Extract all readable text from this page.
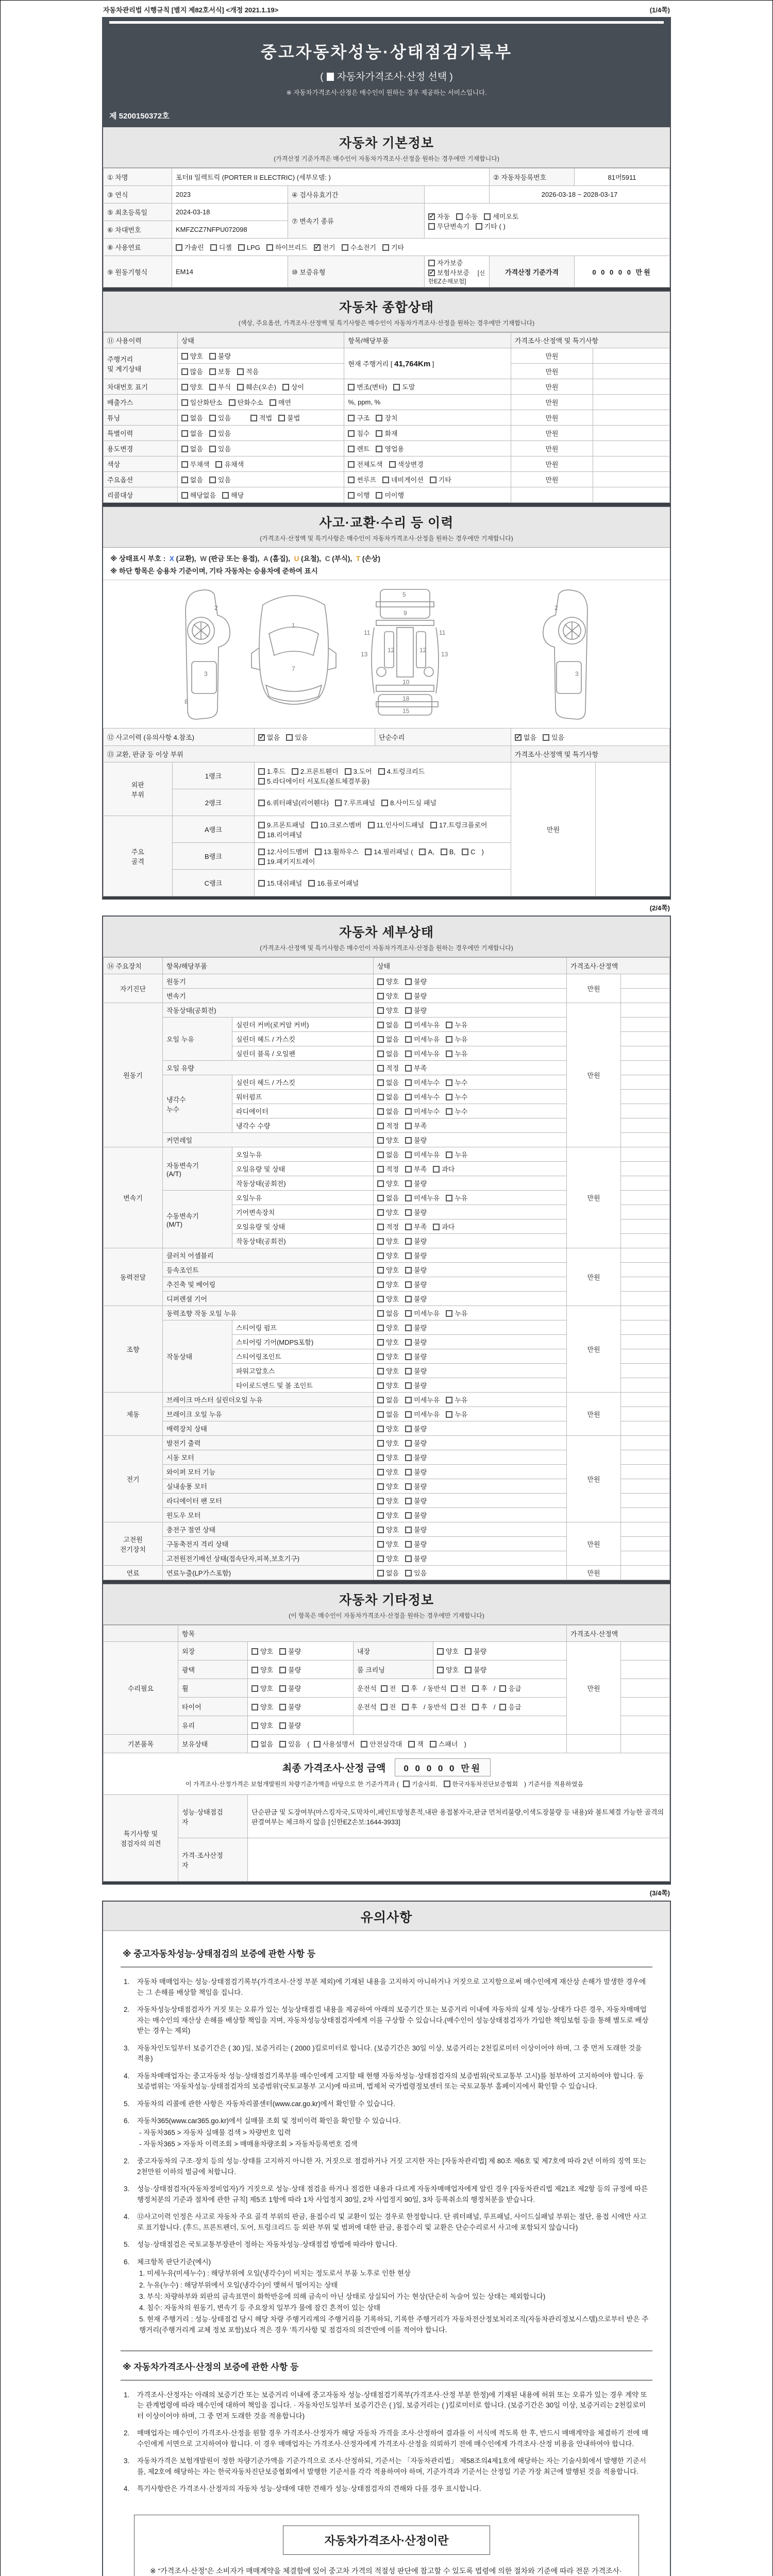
자동차관리법 시행규칙 [별지 제82호서식] <개정 2021.1.19>	(1/4쪽)
중고자동차성능·상태점검기록부
( 자동차가격조사·산정 선택 )
※ 자동차가격조사·산정은 매수인이 원하는 경우 제공하는 서비스입니다.
제 5200150372호
자동차 기본정보
(가격산정 기준가격은 매수인이 자동차가격조사·산정을 원하는 경우에만 기재합니다)
① 차명	포터II 일렉트릭 (PORTER II ELECTRIC) (세부모델: )			② 자동차등록번호	81머5911
③ 연식	2023	④ 검사유효기간		2026-03-18 ~ 2028-03-17	
⑤ 최초등록일	2024-03-18	⑦ 변속기 종류	✓자동 수동 세미오토
무단변속기 기타 ( )
⑥ 차대번호	KMFZCZ7NFPU072098				
⑧ 사용연료	가솔린 디젤 LPG 하이브리드 ✓ 전기 수소전기 기타
⑨ 원동기형식	EM14	⑩ 보증유형	자가보증✓보험사보증 [신한EZ손해보험]	가격산정 기준가격	0 0 0 0 0 만원
자동차 종합상태
(색상, 주요옵션, 가격조사·산정액 및 특기사항은 매수인이 자동차가격조사·산정을 원하는 경우에만 기재합니다)
⑪ 사용이력	상태	항목/해당부품	가격조사·산정액 및 특기사항	
주행거리
및 계기상태	양호 불량	현재 주행거리 [ 41,764Km ]	만원	
	많음 보통 적음		만원	
차대번호 표기	양호 부식 훼손(오손) 상이	변조(변타) 도말	만원	
배출가스	일산화탄소 탄화수소 매연	%, ppm, %	만원	
튜닝	없음 있음 적법 불법	구조 장치	만원	
특별이력	없음 있음	침수 화재	만원	
용도변경	없음 있음	렌트 영업용	만원	
색상	무채색 유채색	전체도색 색상변경	만원	
주요옵션	없음 있음	썬루프 네비게이션 기타	만원	
리콜대상	해당없음 해당	이행 미이행		
사고·교환·수리 등 이력
(가격조사·산정액 및 특기사항은 매수인이 자동차가격조사·산정을 원하는 경우에만 기재합니다)
※ 상태표시 부호 : X (교환), W (판금 또는 용접), A (흠집), U (요철), C (부식), T (손상)
※ 하단 항목은 승용차 기준이며, 기타 자동차는 승용차에 준하여 표시
2
3
8
1
7
5
9
11	11
13	13
12	12
10
15
18
2
3
⑫ 사고이력 (유의사항 4.참조)	✓없음 있음	단순수리	✓없음 있음
⑬ 교환, 판금 등 이상 부위				가격조사·산정액 및 특기사항	
외판
부위	1랭크	1.후드 2.프론트휀더 3.도어 4.트렁크리드
5.라디에이터 서포트(볼트체결부품)		만원	
	2랭크	6.쿼터패널(리어휀다) 7.루프패널 8.사이드실 패널			
주요
골격	A랭크	9.프론트패널 10.크로스멤버 11.인사이드패널 17.트렁크플로어
18.리어패널			
	B랭크	12.사이드멤버 13.휠하우스 14.필러패널 ( A, B, C )
19.패키지트레이			
	C랭크	15.대쉬패널 16.플로어패널			
(2/4쪽)
자동차 세부상태
(가격조사·산정액 및 특기사항은 매수인이 자동차가격조사·산정을 원하는 경우에만 기재합니다)
⑭ 주요장치	항목/해당부품		상태	가격조사·산정액	
자기진단	원동기		양호 불량	만원	
	변속기		양호 불량		
원동기	작동상태(공회전)		양호 불량	만원	
	오일 누유	실린더 커버(로커암 커버)	없음 미세누유 누유		
		실린더 헤드 / 가스킷	없음 미세누유 누유		
		실린더 블록 / 오일팬	없음 미세누유 누유		
	오일 유량		적정 부족		
	냉각수
누수	실린더 헤드 / 가스킷	없음 미세누수 누수		
		워터펌프	없음 미세누수 누수		
		라디에이터	없음 미세누수 누수		
		냉각수 수량	적정 부족		
	커먼레일		양호 불량		
변속기	자동변속기
(A/T)	오일누유	없음 미세누유 누유	만원	
		오일유량 및 상태	적정 부족 과다		
		작동상태(공회전)	양호 불량		
	수동변속기
(M/T)	오일누유	없음 미세누유 누유		
		기어변속장치	양호 불량		
		오일유량 및 상태	적정 부족 과다		
		작동상태(공회전)	양호 불량		
동력전달	클러치 어셈블리		양호 불량	만원	
	등속조인트		양호 불량		
	추진축 및 베어링		양호 불량		
	디퍼렌셜 기어		양호 불량		
조향	동력조향 작동 오일 누유		없음 미세누유 누유	만원	
	작동상태	스티어링 펌프	양호 불량		
		스티어링 기어(MDPS포함)	양호 불량		
		스티어링조인트	양호 불량		
		파워고압호스	양호 불량		
		타이로드엔드 및 볼 조인트	양호 불량		
제동	브레이크 마스터 실린더오일 누유		없음 미세누유 누유	만원	
	브레이크 오일 누유		없음 미세누유 누유		
	배력장치 상태		양호 불량		
전기	발전기 출력		양호 불량	만원	
	시동 모터		양호 불량		
	와이퍼 모터 기능		양호 불량		
	실내송풍 모터		양호 불량		
	라디에이터 팬 모터		양호 불량		
	윈도우 모터		양호 불량		
고전원
전기장치	충전구 절연 상태		양호 불량	만원	
	구동축전지 격리 상태		양호 불량		
	고전원전기배선 상태(접속단자,피복,보호기구)		양호 불량		
연료	연료누출(LP가스포함)		없음 있음	만원	
자동차 기타정보
(이 항목은 매수인이 자동차가격조사·산정을 원하는 경우에만 기재합니다)
	항목				가격조사·산정액	
수리필요	외장	양호 불량	내장	양호 불량	만원	
	광택	양호 불량	룸 크리닝	양호 불량		
	휠	양호 불량	운전석 전 후 / 동반석 전 후 / 응급			
	타이어	양호 불량	운전석 전 후 / 동반석 전 후 / 응급			
	유리	양호 불량				
기본품목	보유상태	없음 있음 ( 사용설명서 안전삼각대 잭 스패너 )				
최종 가격조사·산정 금액 0 0 0 0 0 만원
이 가격조사·산정가격은 보험개발원의 차량기준가액을 바탕으로 한 기준가격과 ( 기술사회, 한국자동차진단보증협회 ) 기준서를 적용하였음						

특기사항 및
점검자의 의견	성능·상태점검
자	단순판금 및 도장여부(마스킹자국,도막차이,페인트방청흔적,내판 용접봉자국,판금 먼처리불량,이색도장불량 등 내용)와 볼트체결 가능한 골격의 판결여부는 체크하지 않음 [신한EZ손보:1644-3933]				
	가격·조사산정
자					
(3/4쪽)
유의사항
※ 중고자동차성능·상태점검의 보증에 관한 사항 등
1.	자동차 매매업자는 성능·상태점검기록부(가격조사·산정 부분 제외)에 기재된 내용을 고지하지 아니하거나 거짓으로 고지함으로써 매수인에게 재산상 손해가 발생한 경우에는 그 손해를 배상할 책임을 집니다.
2.	자동차성능상태점검자가 거짓 또는 오류가 있는 성능상태점검 내용을 제공하여 아래의 보증기간 또는 보증거리 이내에 자동차의 실제 성능·상태가 다른 경우, 자동차매매업자는 매수인의 재산상 손해를 배상할 책임을 지며, 자동차성능상태점검자에게 이를 구상할 수 있습니다.(매수인이 성능상태점검자가 가입한 책임보험 등을 통해 별도로 배상받는 경우는 제외)
3.	자동차인도일부터 보증기간은 ( 30 )일, 보증거리는 ( 2000 )킬로미터로 합니다. (보증기간은 30일 이상, 보증거리는 2천킬로미터 이상이어야 하며, 그 중 먼저 도래한 것을 적용)
4.	자동차매매업자는 중고자동차 성능·상태점검기록부를 매수인에게 고지할 때 현행 자동차성능·상태점검자의 보증범위(국토교통부 고시)를 첨부하여 고지하여야 합니다. 동 보증범위는 '자동차성능·상태점검자의 보증범위'(국토교통부 고시)에 따르며, 법제처 국가법령정보센터 또는 국토교통부 홈페이지에서 확인할 수 있습니다.
5.	자동차의 리콜에 관한 사항은 자동차리콜센터(www.car.go.kr)에서 확인할 수 있습니다.
6.	자동차365(www.car365.go.kr)에서 실매물 조회 및 정비이력 확인을 확인할 수 있습니다.
- 자동차365 > 자동차 실매물 검색 > 차량번호 입력
- 자동차365 > 자동차 이력조회 > 매매용차량조회 > 자동차등록번호 검색
2.	중고자동차의 구조·장치 등의 성능·상태를 고지하지 아니한 자, 거짓으로 점검하거나 거짓 고지한 자는 [자동차관리법] 제 80조 제6호 및 제7호에 따라 2년 이하의 징역 또는 2천만원 이하의 벌금에 처합니다.
3.	성능·상태점검자(자동차정비업자)가 거짓으로 성능·상태 점검을 하거나 점검한 내용과 다르게 자동차매매업자에게 알린 경우 [자동차관리법 제21조 제2항 등의 규정에 따른 행정처분의 기준과 절차에 관한 규칙] 제5조 1항에 따라 1차 사업정지 30일, 2차 사업정지 90일, 3차 등록취소의 행정처분을 받습니다.
4.	⑫사고이력 인정은 사고로 자동차 주요 골격 부위의 판금, 용접수리 및 교환이 있는 경우로 한정합니다. 단 쿼터패널, 루프패널, 사이드실패널 부위는 절단, 용접 시에만 사고로 표기합니다. (후드, 프론트펜더, 도어, 트렁크리드 등 외판 부위 및 범퍼에 대한 판금, 용접수리 및 교환은 단순수리로서 사고에 포함되지 않습니다)
5.	성능·상태점검은 국토교통부장관이 정하는 자동차성능·상태점검 방법에 따라야 합니다.
6.	체크항목 판단기준(예시)
1. 미세누유(미세누수) : 해당부위에 오일(냉각수)이 비치는 정도로서 부품 노후로 인한 현상
2. 누유(누수) : 해당부위에서 오일(냉각수)이 맺혀서 떨어지는 상태
3. 부식: 차량하부와 외판의 금속표면이 화학반응에 의해 금속이 아닌 상태로 상실되어 가는 현상(단순히 녹슬어 있는 상태는 제외합니다)
4. 침수: 자동차의 원동기, 변속기 등 주요장치 일부가 물에 잠긴 흔적이 있는 상태
5. 현재 주행거리 : 성능·상태점검 당시 해당 차량 주행거리계의 주행거리를 기록하되, 기록한 주행거리가 자동차전산정보처리조직(자동차관리정보시스템)으로부터 받은 주행거리(주행거리계 교체 정보 포함)보다 적은 경우 '특기사항 및 점검자의 의견'란에 이를 적어야 합니다.
※ 자동차가격조사·산정의 보증에 관한 사항 등
1.	가격조사·산정자는 아래의 보증기간 또는 보증거리 이내에 중고자동차 성능·상태점검기록부(가격조사·산정 부분 한정)에 기재된 내용에 허위 또는 오류가 있는 경우 계약 또는 관계법령에 따라 매수인에 대하여 책임을 집니다. · 자동차인도일부터 보증기간은 ( )일, 보증거리는 ( )킬로미터로 합니다. (보증기간은 30일 이상, 보증거리는 2천킬로미터 이상이어야 하며, 그 중 먼저 도래한 것을 적용합니다)
2.	매매업자는 매수인이 가격조사·산정을 원할 경우 가격조사·산정자가 해당 자동차 가격을 조사·산정하여 결과를 이 서식에 적도록 한 후, 반드시 매매계약을 체결하기 전에 매수인에게 서면으로 고지하여야 합니다. 이 경우 매매업자는 가격조사·산정자에게 가격조사·산정을 의뢰하기 전에 매수인에게 가격조사·산정 비용을 안내하여야 합니다.
3.	자동차가격은 보험개발원이 정한 차량기준가액을 기준가격으로 조사·산정하되, 기준서는 「자동차관리법」 제58조의4제1호에 해당하는 자는 기술사회에서 발행한 기준서를, 제2호에 해당하는 자는 한국자동차진단보증협회에서 발행한 기준서를 각각 적용하여야 하며, 기준가격과 기준서는 산정일 기준 가장 최근에 발행된 것을 적용합니다.
4.	특기사항란은 가격조사·산정자의 자동차 성능·상태에 대한 견해가 성능·상태점검자의 견해와 다를 경우 표시합니다.
자동차가격조사·산정이란
※ “가격조사·산정”은 소비자가 매매계약을 체결함에 있어 중고차 가격의 적절성 판단에 참고할 수 있도록 법령에 의한 절차와 기준에 따라 전문 가격조사·
